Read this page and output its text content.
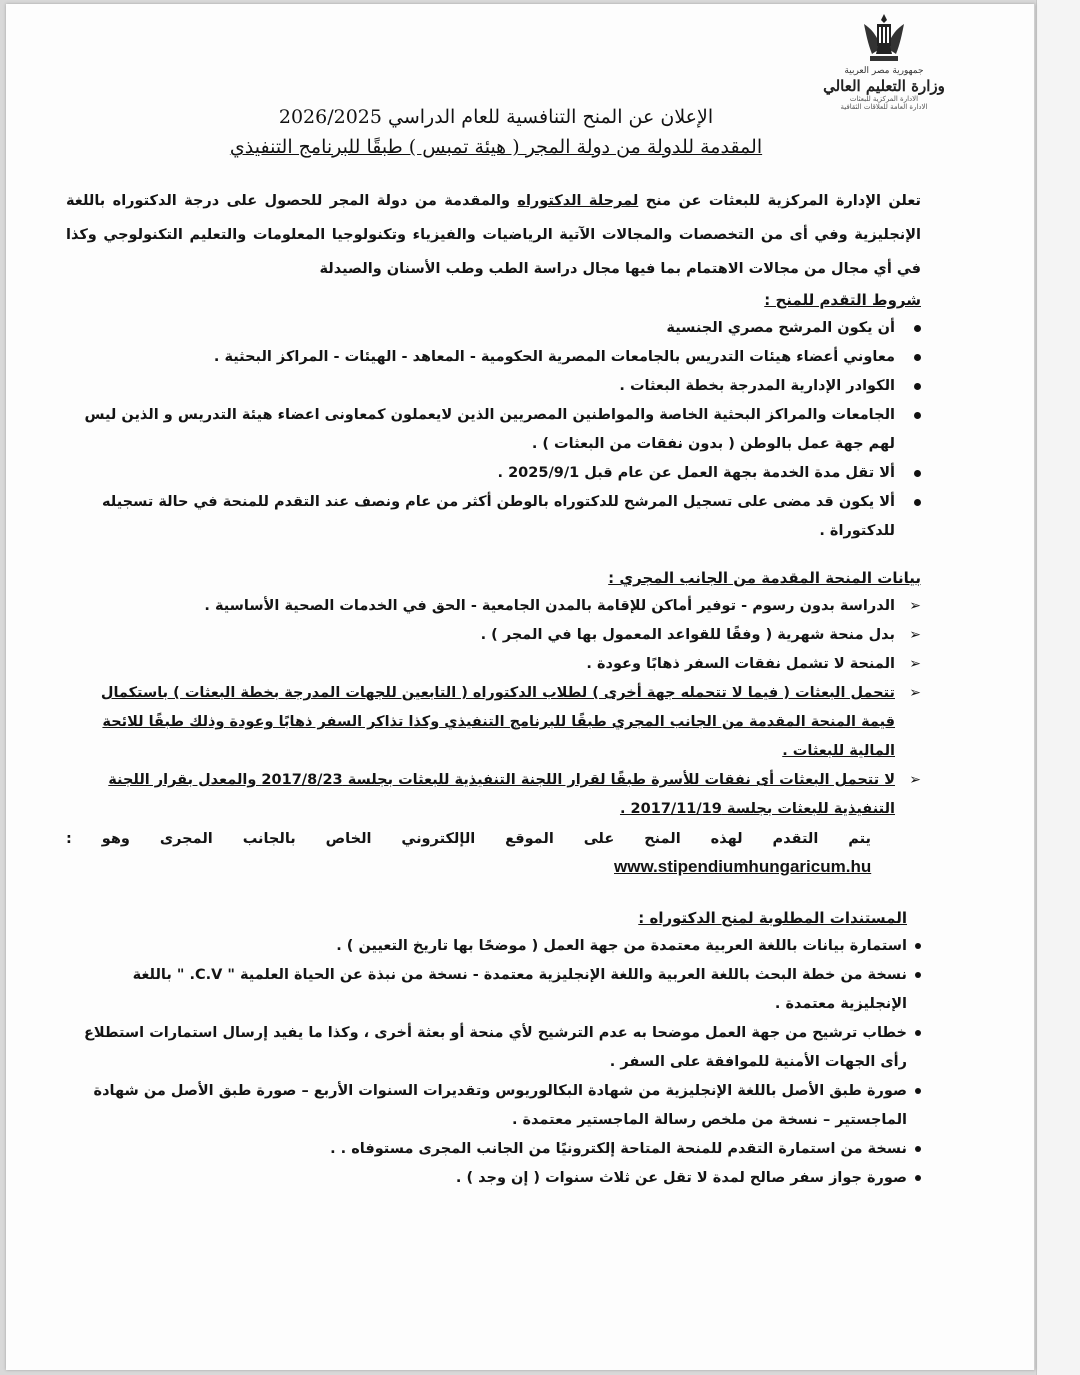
جمهورية مصر العربية
وزارة التعليم العالي
الادارة المركزية للبعثات
الادارة العامة للعلاقات الثقافية
الإعلان عن المنح التنافسية للعام الدراسي 2026/2025
المقدمة للدولة من دولة المجر ( هيئة تمبس ) طبقًا للبرنامج التنفيذي
تعلن الإدارة المركزية للبعثات عن منح لمرحلة الدكتوراه والمقدمة من دولة المجر للحصول على درجة الدكتوراه باللغة الإنجليزية وفي أى من التخصصات والمجالات الآتية الرياضيات والفيزياء وتكنولوجيا المعلومات والتعليم التكنولوجي وكذا في أي مجال من مجالات الاهتمام بما فيها مجال دراسة الطب وطب الأسنان والصيدلة
شروط التقدم للمنح :
أن يكون المرشح مصري الجنسية
معاوني أعضاء هيئات التدريس بالجامعات المصرية الحكومية - المعاهد - الهيئات - المراكز البحثية .
الكوادر الإدارية المدرجة بخطة البعثات .
الجامعات والمراكز البحثية الخاصة والمواطنين المصريين الذين لايعملون كمعاونى اعضاء هيئة التدريس و الذين ليس لهم جهة عمل بالوطن ( بدون نفقات من البعثات ) .
ألا تقل مدة الخدمة بجهة العمل عن عام قبل 2025/9/1 .
ألا يكون قد مضى على تسجيل المرشح للدكتوراه بالوطن أكثر من عام ونصف عند التقدم للمنحة في حالة تسجيله للدكتوراة .
بيانات المنحة المقدمة من الجانب المجري :
➢ الدراسة بدون رسوم - توفير أماكن للإقامة بالمدن الجامعية - الحق في الخدمات الصحية الأساسية .
➢ بدل منحة شهرية ( وفقًا للقواعد المعمول بها في المجر ) .
➢ المنحة لا تشمل نفقات السفر ذهابًا وعودة .
➢ تتحمل البعثات ( فيما لا تتحمله جهة أخرى ) لطلاب الدكتوراه ( التابعين للجهات المدرجة بخطة البعثات ) باستكمال قيمة المنحة المقدمة من الجانب المجري طبقًا للبرنامج التنفيذي وكذا تذاكر السفر ذهابًا وعودة وذلك طبقًا للائحة المالية للبعثات .
➢ لا تتحمل البعثات أى نفقات للأسرة طبقًا لقرار اللجنة التنفيذية للبعثات بجلسة 2017/8/23 والمعدل بقرار اللجنة التنفيذية للبعثات بجلسة 2017/11/19 .
يتم التقدم لهذه المنح على الموقع الإلكتروني الخاص بالجانب المجرى وهو :
www.stipendiumhungaricum.hu
المستندات المطلوبة لمنح الدكتوراه :
استمارة بيانات باللغة العربية معتمدة من جهة العمل ( موضحًا بها تاريخ التعيين ) .
نسخة من خطة البحث باللغة العربية واللغة الإنجليزية معتمدة - نسخة من نبذة عن الحياة العلمية " C.V. " باللغة الإنجليزية معتمدة .
خطاب ترشيح من جهة العمل موضحا به عدم الترشيح لأي منحة أو بعثة أخرى ، وكذا ما يفيد إرسال استمارات استطلاع رأى الجهات الأمنية للموافقة على السفر .
صورة طبق الأصل باللغة الإنجليزية من شهادة البكالوريوس وتقديرات السنوات الأربع – صورة طبق الأصل من شهادة الماجستير – نسخة من ملخص رسالة الماجستير معتمدة .
نسخة من استمارة التقدم للمنحة المتاحة إلكترونيًا من الجانب المجرى مستوفاه . .
صورة جواز سفر صالح لمدة لا تقل عن ثلاث سنوات ( إن وجد ) .
